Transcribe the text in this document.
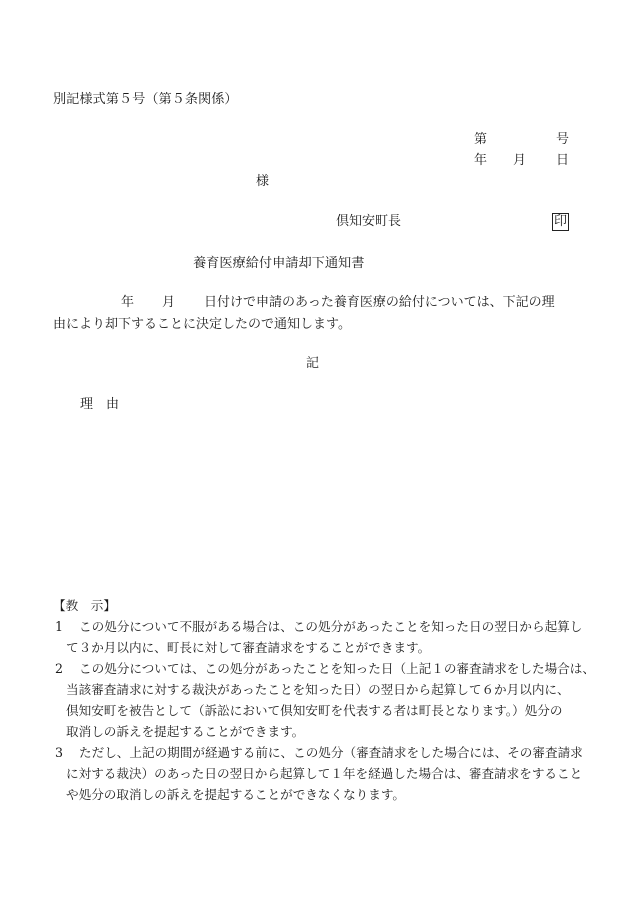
別記様式第５号（第５条関係）
第	号
年 月 日
様
倶知安町長	印
養育医療給付申請却下通知書
年 月 日付けで申請のあった養育医療の給付については、下記の理
由により却下することに決定したので通知します。
記
理　由
【教　示】
1 この処分について不服がある場合は、この処分があったことを知った日の翌日から起算し
て３か月以内に、町長に対して審査請求をすることができます。
2 この処分については、この処分があったことを知った日（上記１の審査請求をした場合は、
当該審査請求に対する裁決があったことを知った日）の翌日から起算して６か月以内に、
倶知安町を被告として（訴訟において倶知安町を代表する者は町長となります。）処分の
取消しの訴えを提起することができます。
3 ただし、上記の期間が経過する前に、この処分（審査請求をした場合には、その審査請求
に対する裁決）のあった日の翌日から起算して１年を経過した場合は、審査請求をすること
や処分の取消しの訴えを提起することができなくなります。
